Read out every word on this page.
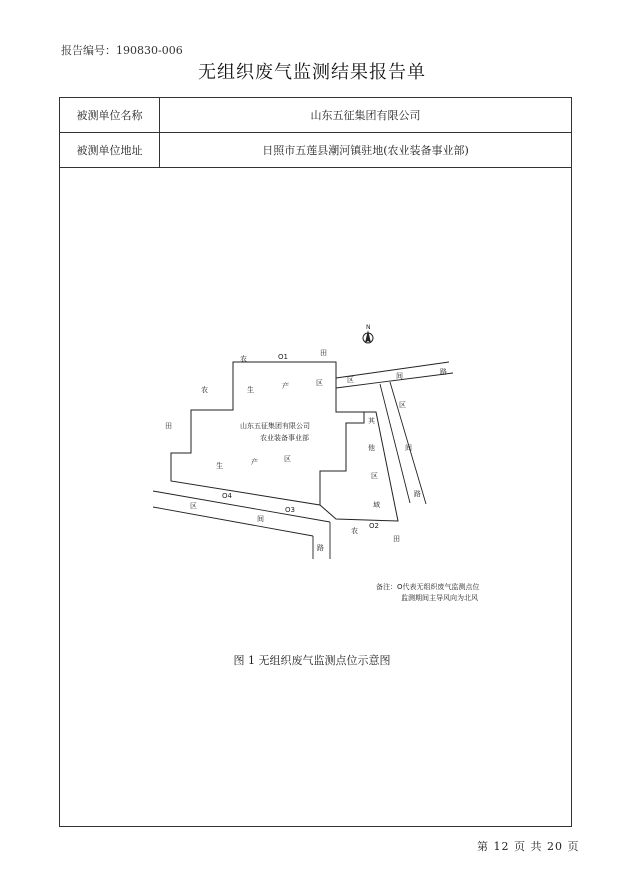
报告编号：190830-006
无组织废气监测结果报告单
被测单位名称	山东五征集团有限公司
被测单位地址	日照市五莲县潮河镇驻地(农业装备事业部)
N
农	O1	田
农	生	产	区	区	间	路
田	山东五征集团有限公司
农业装备事业部
其
区
间
他
区
域
路
生	产	区
O4
区	O3
间
路
农
O2
田
备注：O代表无组织废气监测点位
监测期间主导风向为北风
图 1 无组织废气监测点位示意图
第 12 页 共 20 页
